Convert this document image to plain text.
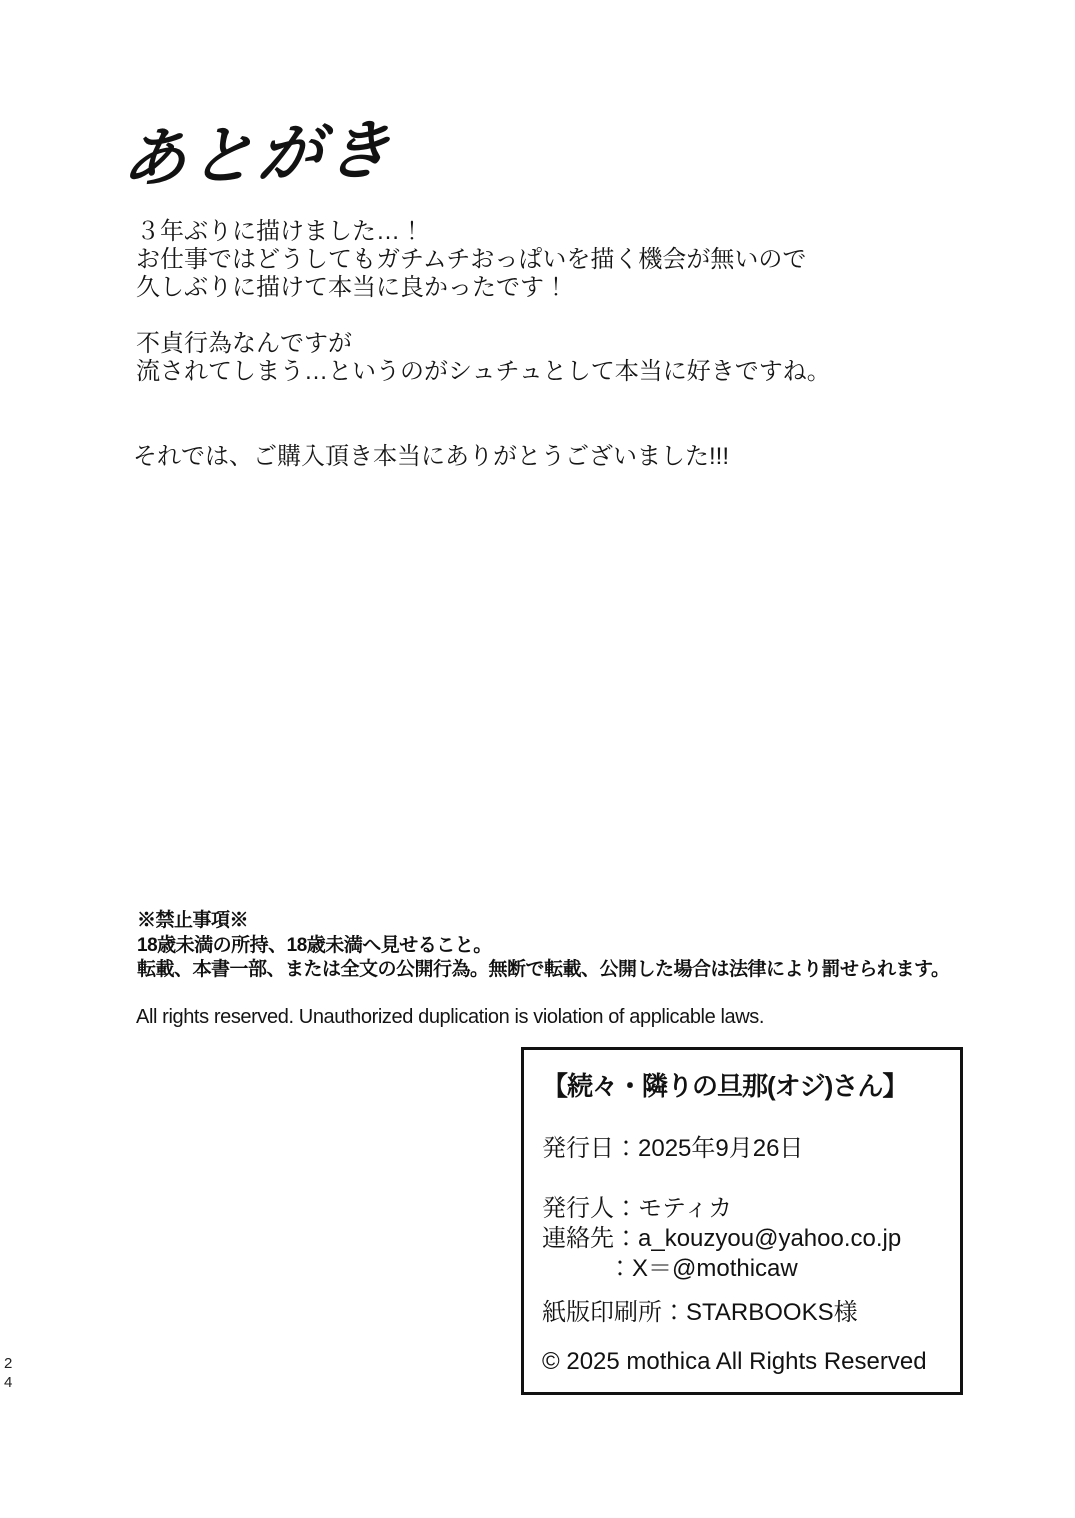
あとがき
３年ぶりに描けました…！
お仕事ではどうしてもガチムチおっぱいを描く機会が無いので
久しぶりに描けて本当に良かったです！
不貞行為なんですが
流されてしまう…というのがシュチュとして本当に好きですね。
それでは、ご購入頂き本当にありがとうございました!!!
※禁止事項※
18歳未満の所持、18歳未満へ見せること。
転載、本書一部、または全文の公開行為。無断で転載、公開した場合は法律により罰せられます。
All rights reserved. Unauthorized duplication is violation of applicable laws.
【続々・隣りの旦那(オジ)さん】
発行日：2025年9月26日
発行人：モティカ
連絡先：a_kouzyou@yahoo.co.jp
：X＝@mothicaw
紙版印刷所：STARBOOKS様
© 2025 mothica All Rights Reserved
2
4
